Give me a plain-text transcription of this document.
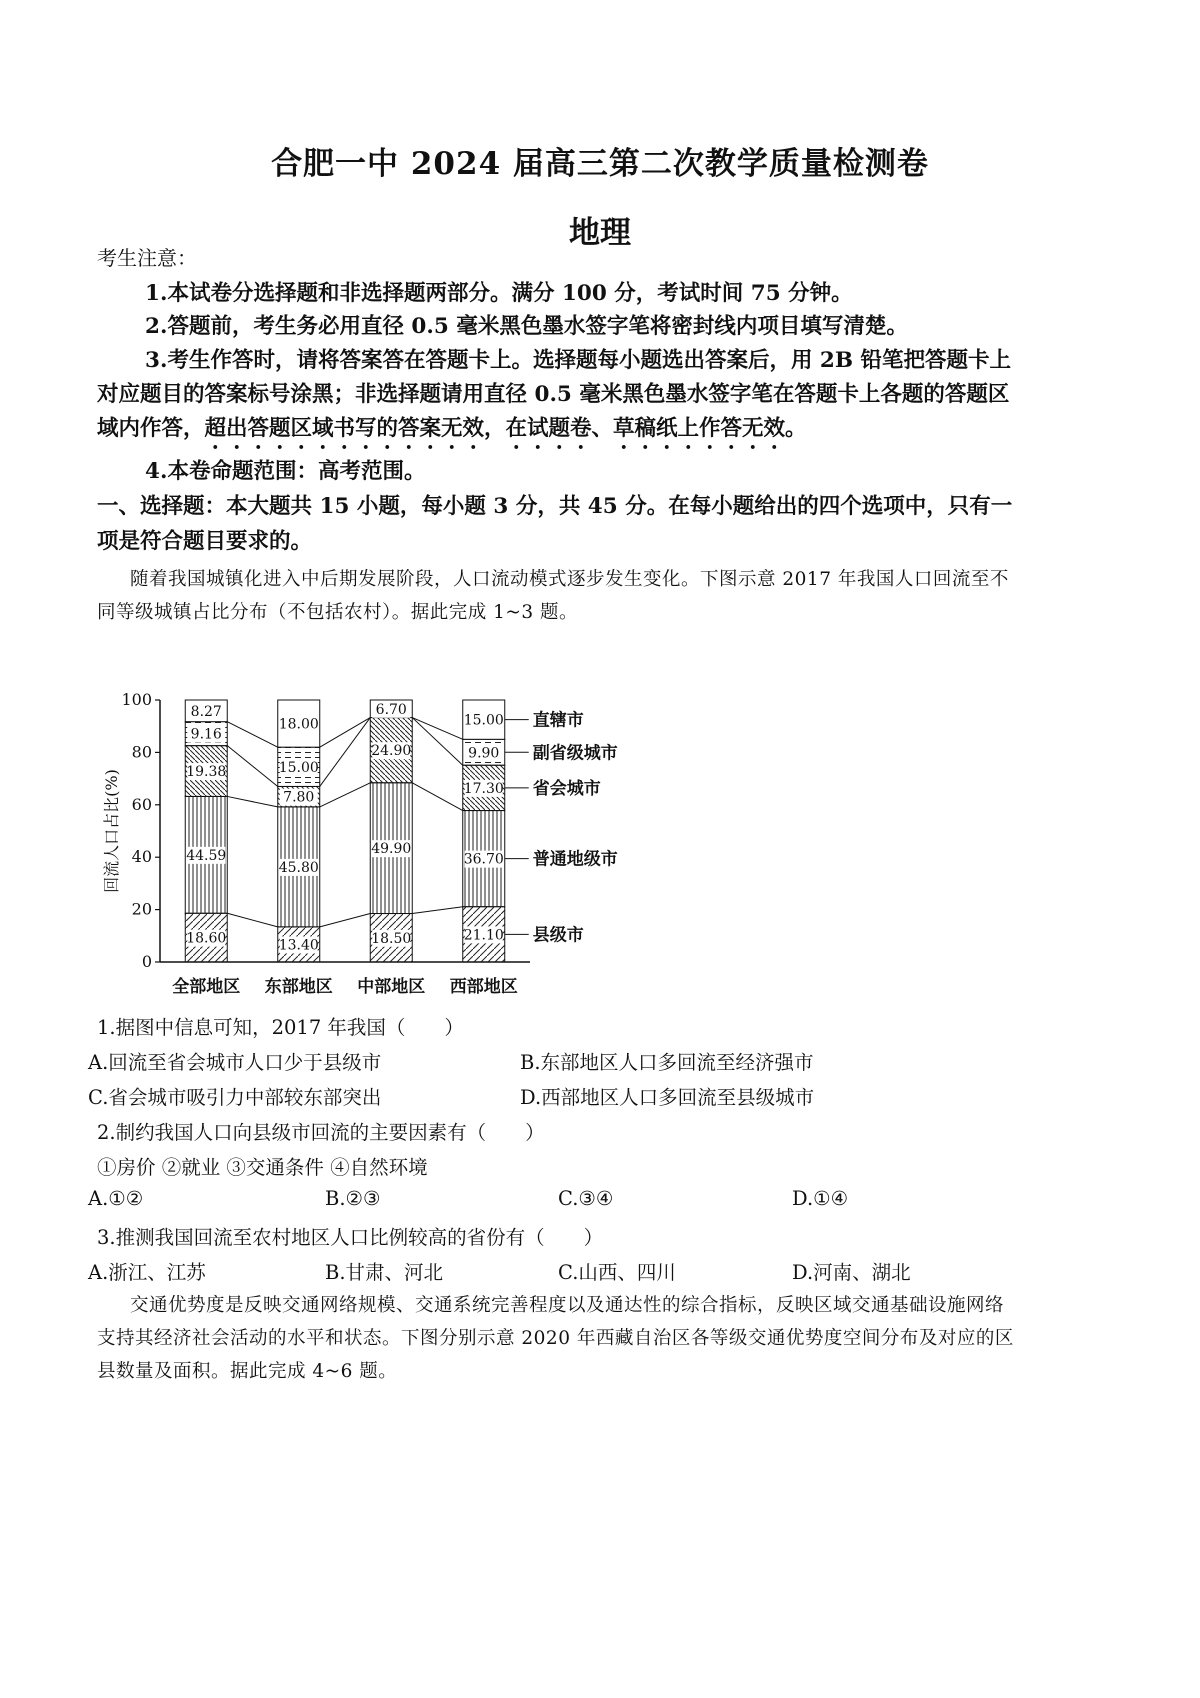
合肥一中 2024 届高三第二次教学质量检测卷
地理
考生注意：
1.本试卷分选择题和非选择题两部分。满分 100 分，考试时间 75 分钟。
2.答题前，考生务必用直径 0.5 毫米黑色墨水签字笔将密封线内项目填写清楚。
3.考生作答时，请将答案答在答题卡上。选择题每小题选出答案后，用 2B 铅笔把答题卡上
对应题目的答案标号涂黑；非选择题请用直径 0.5 毫米黑色墨水签字笔在答题卡上各题的答题区
域内作答，超出答题区域书写的答案无效，在试题卷、草稿纸上作答无效。
4.本卷命题范围：高考范围。
一、选择题：本大题共 15 小题，每小题 3 分，共 45 分。在每小题给出的四个选项中，只有一
项是符合题目要求的。
随着我国城镇化进入中后期发展阶段，人口流动模式逐步发生变化。下图示意 2017 年我国人口回流至不
同等级城镇占比分布（不包括农村）。据此完成 1~3 题。
回流人口占比(%)
0
20
40
60
80
100
18.60
44.59
19.38
9.16
8.27
全部地区
13.40
45.80
7.80
15.00
18.00
东部地区
18.50
49.90
24.90
6.70
中部地区
21.10
36.70
17.30
9.90
15.00
西部地区
县级市
普通地级市
省会城市
副省级城市
直辖市
1.据图中信息可知，2017 年我国（　　）
A.回流至省会城市人口少于县级市	B.东部地区人口多回流至经济强市
C.省会城市吸引力中部较东部突出	D.西部地区人口多回流至县级城市
2.制约我国人口向县级市回流的主要因素有（　　）
①房价 ②就业 ③交通条件 ④自然环境
A.①②	B.②③	C.③④	D.①④
3.推测我国回流至农村地区人口比例较高的省份有（　　）
A.浙江、江苏	B.甘肃、河北	C.山西、四川	D.河南、湖北
交通优势度是反映交通网络规模、交通系统完善程度以及通达性的综合指标，反映区域交通基础设施网络
支持其经济社会活动的水平和状态。下图分别示意 2020 年西藏自治区各等级交通优势度空间分布及对应的区
县数量及面积。据此完成 4~6 题。
